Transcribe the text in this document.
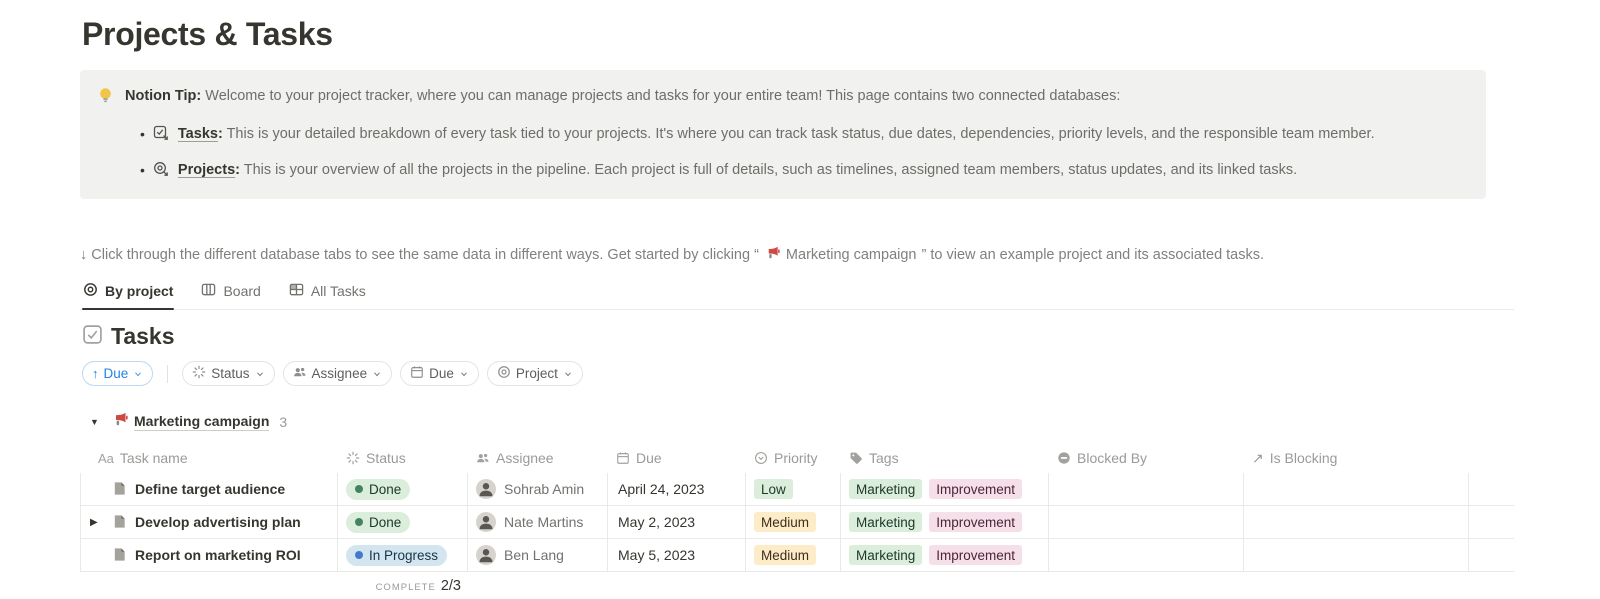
Projects & Tasks
Notion Tip: Welcome to your project tracker, where you can manage projects and tasks for your entire team! This page contains two connected databases:
• Tasks: This is your detailed breakdown of every task tied to your projects. It's where you can track task status, due dates, dependencies, priority levels, and the responsible team member.
• Projects: This is your overview of all the projects in the pipeline. Each project is full of details, such as timelines, assigned team members, status updates, and its linked tasks.
↓ Click through the different database tabs to see the same data in different ways. Get started by clicking “ Marketing campaign ” to view an example project and its associated tasks.
By project	Board	All Tasks
Tasks
↑ Due	Status	Assignee	Due	Project
▼	Marketing campaign 3
Aa Task name	Status	Assignee	Due	Priority	Tags	Blocked By	↗ Is Blocking
Define target audience	Done	Sohrab Amin April 24, 2023	Low	Marketing	Improvement
▶	Develop advertising plan	Done	Nate Martins May 2, 2023	Medium	Marketing	Improvement
Report on marketing ROI	In Progress	Ben Lang	May 5, 2023	Medium	Marketing	Improvement
COMPLETE 2/3
